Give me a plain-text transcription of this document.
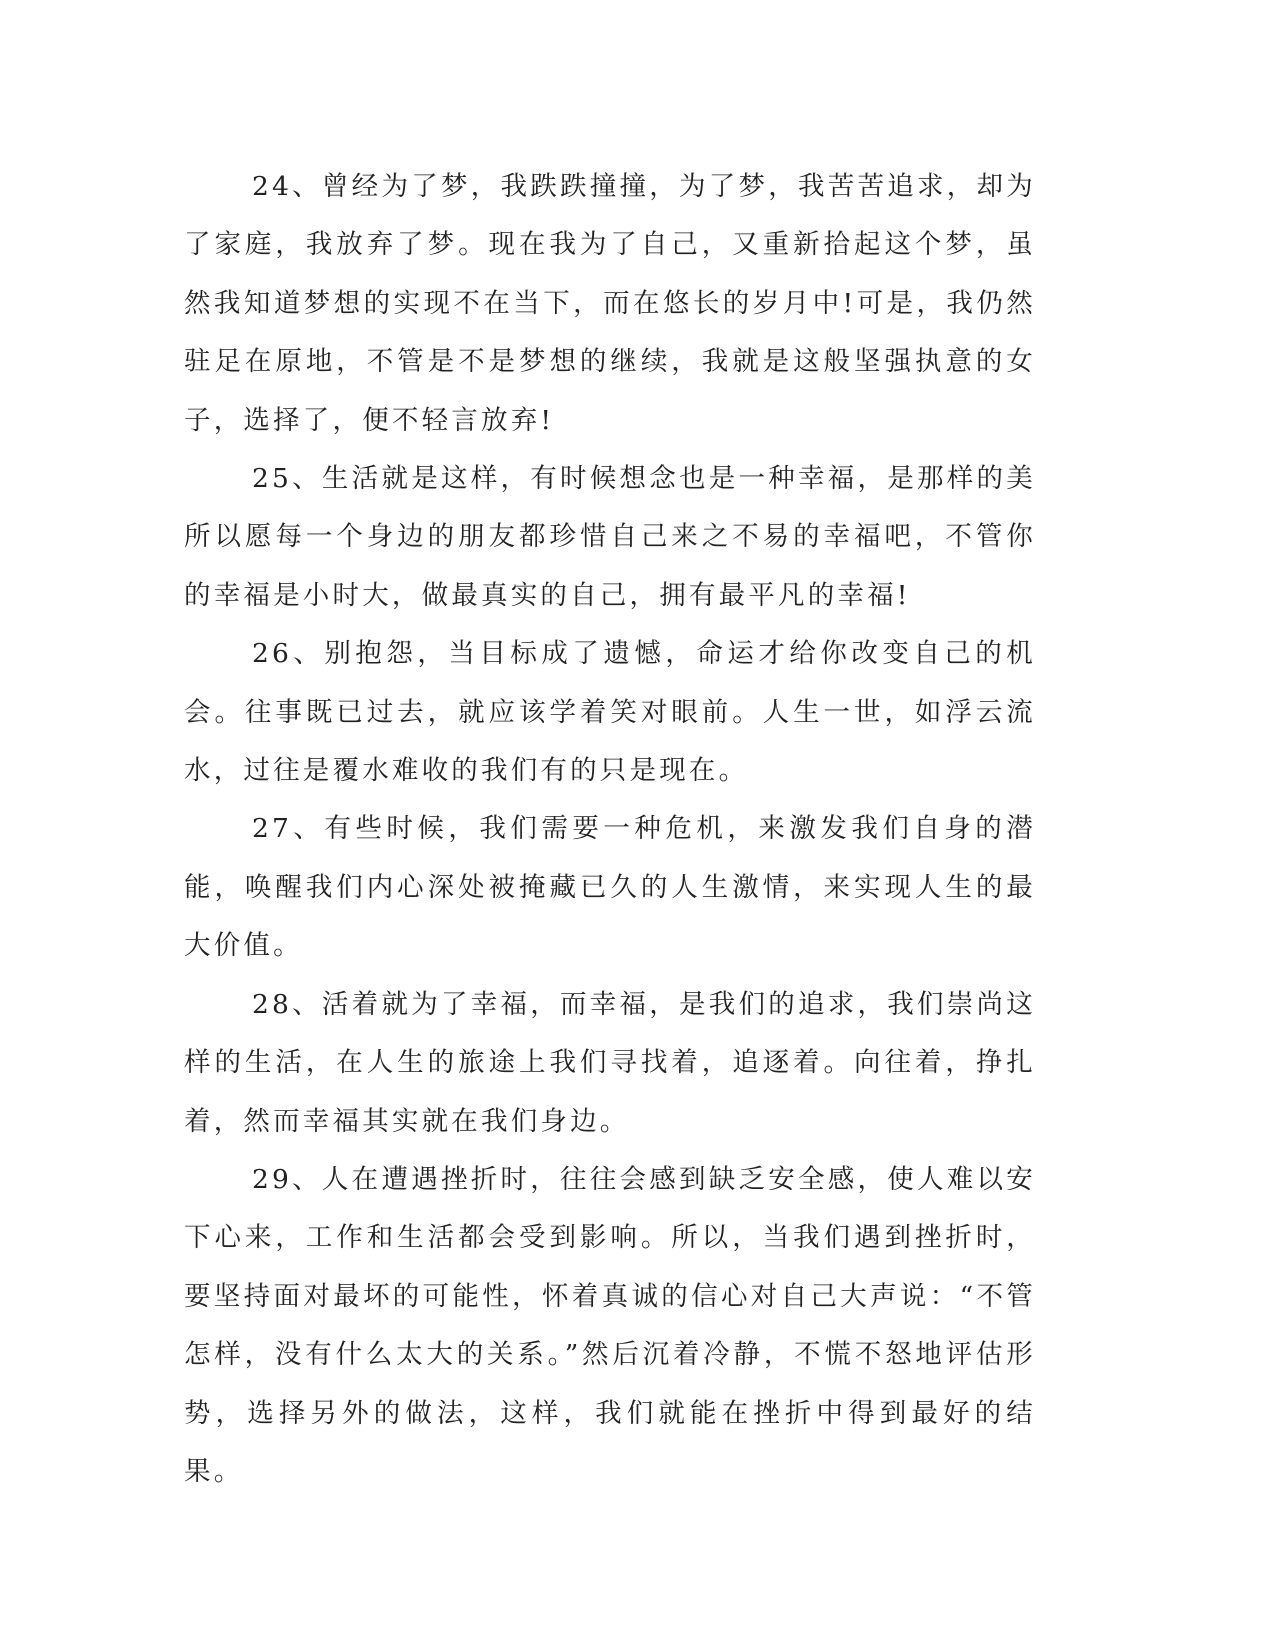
24、曾经为了梦，我跌跌撞撞，为了梦，我苦苦追求，却为了家庭，我放弃了梦。现在我为了自己，又重新拾起这个梦，虽然我知道梦想的实现不在当下，而在悠长的岁月中!可是，我仍然驻足在原地，不管是不是梦想的继续，我就是这般坚强执意的女子，选择了，便不轻言放弃!

25、生活就是这样，有时候想念也是一种幸福，是那样的美所以愿每一个身边的朋友都珍惜自己来之不易的幸福吧，不管你的幸福是小时大，做最真实的自己，拥有最平凡的幸福!

26、别抱怨，当目标成了遗憾，命运才给你改变自己的机会。往事既已过去，就应该学着笑对眼前。人生一世，如浮云流水，过往是覆水难收的我们有的只是现在。

27、有些时候，我们需要一种危机，来激发我们自身的潜能，唤醒我们内心深处被掩藏已久的人生激情，来实现人生的最大价值。

28、活着就为了幸福，而幸福，是我们的追求，我们崇尚这样的生活，在人生的旅途上我们寻找着，追逐着。向往着，挣扎着，然而幸福其实就在我们身边。

29、人在遭遇挫折时，往往会感到缺乏安全感，使人难以安下心来，工作和生活都会受到影响。所以，当我们遇到挫折时，要坚持面对最坏的可能性，怀着真诚的信心对自己大声说：“不管怎样，没有什么太大的关系。”然后沉着冷静，不慌不怒地评估形势，选择另外的做法，这样，我们就能在挫折中得到最好的结果。
